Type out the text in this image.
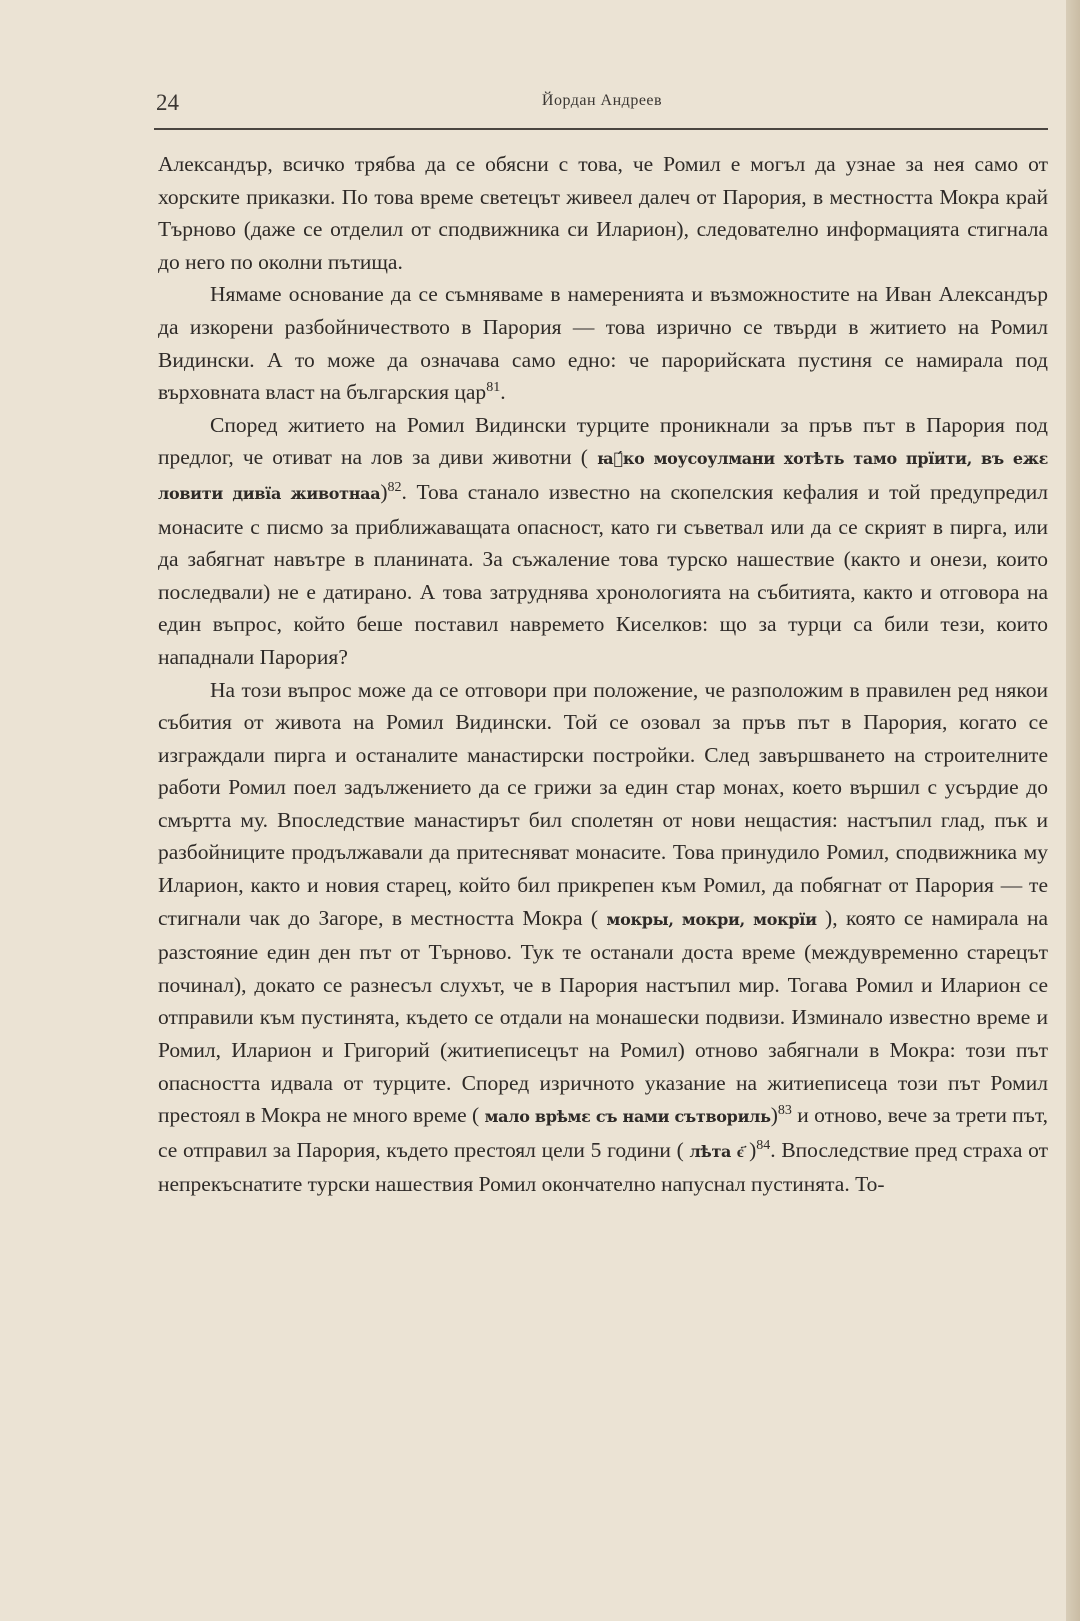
24	Йордан Андреев

Александър, всичко трябва да се обясни с това, че Ромил е могъл да узнае за нея само от хорските приказки. По това време светецът живеел далеч от Парория, в местността Мокра край Търново (даже се отделил от сподвижника си Иларион), следователно информацията стигнала до него по околни пътища.

Нямаме основание да се съмняваме в намеренията и възможностите на Иван Александър да изкорени разбойничеството в Парория — това изрично се твърди в житието на Ромил Видински. А то може да означава само едно: че парорийската пустиня се намирала под върховната власт на българския цар$^{81}$.

Според житието на Ромил Видински турците проникнали за пръв път в Парория под предлог, че отиват на лов за диви животни ( ꙗ҆́ко моусоулмани хотѣть тамо прїити, въ ежε ловити дивїа живοтнаа)$^{82}$. Това станало известно на скопелския кефалия и той предупредил монасите с писмо за приближаващата опасност, като ги съветвал или да се скрият в пирга, или да забягнат навътре в планината. За съжаление това турско нашествие (както и онези, които последвали) не е датирано. А това затруднява хронологията на събитията, както и отговора на един въпрос, който беше поставил навремето Киселков: що за турци са били тези, които нападнали Парория?

На този въпрос може да се отговори при положение, че разположим в правилен ред някои събития от живота на Ромил Видински. Той се озовал за пръв път в Парория, когато се изграждали пирга и останалите манастирски постройки. След завършването на строителните работи Ромил поел задължението да се грижи за един стар монах, което вършил с усърдие до смъртта му. Впоследствие манастирът бил сполетян от нови нещастия: настъпил глад, пък и разбойниците продължавали да притесняват монасите. Това принудило Ромил, сподвижника му Иларион, както и новия старец, който бил прикрепен към Ромил, да побягнат от Парория — те стигнали чак до Загоре, в местността Мокра ( мокры, мокри, мокрїи ), която се намирала на разстояние един ден път от Търново. Тук те останали доста време (междувременно старецът починал), докато се разнесъл слухът, че в Парория настъпил мир. Тогава Ромил и Иларион се отправили към пустинята, където се отдали на монашески подвизи. Изминало известно време и Ромил, Иларион и Григорий (житиеписецът на Ромил) отново забягнали в Мокра: този път опасността идвала от турците. Според изричното указание на житиеписеца този път Ромил престоял в Мокра не много време ( мало врѣмε съ нами сътвориль)$^{83}$ и отново, вече за трети път, се отправил за Парория, където престоял цели 5 години ( лѣта є҃ )$^{84}$. Впоследствие пред страха от непрекъснатите турски нашествия Ромил окончателно напуснал пустинята. То-
